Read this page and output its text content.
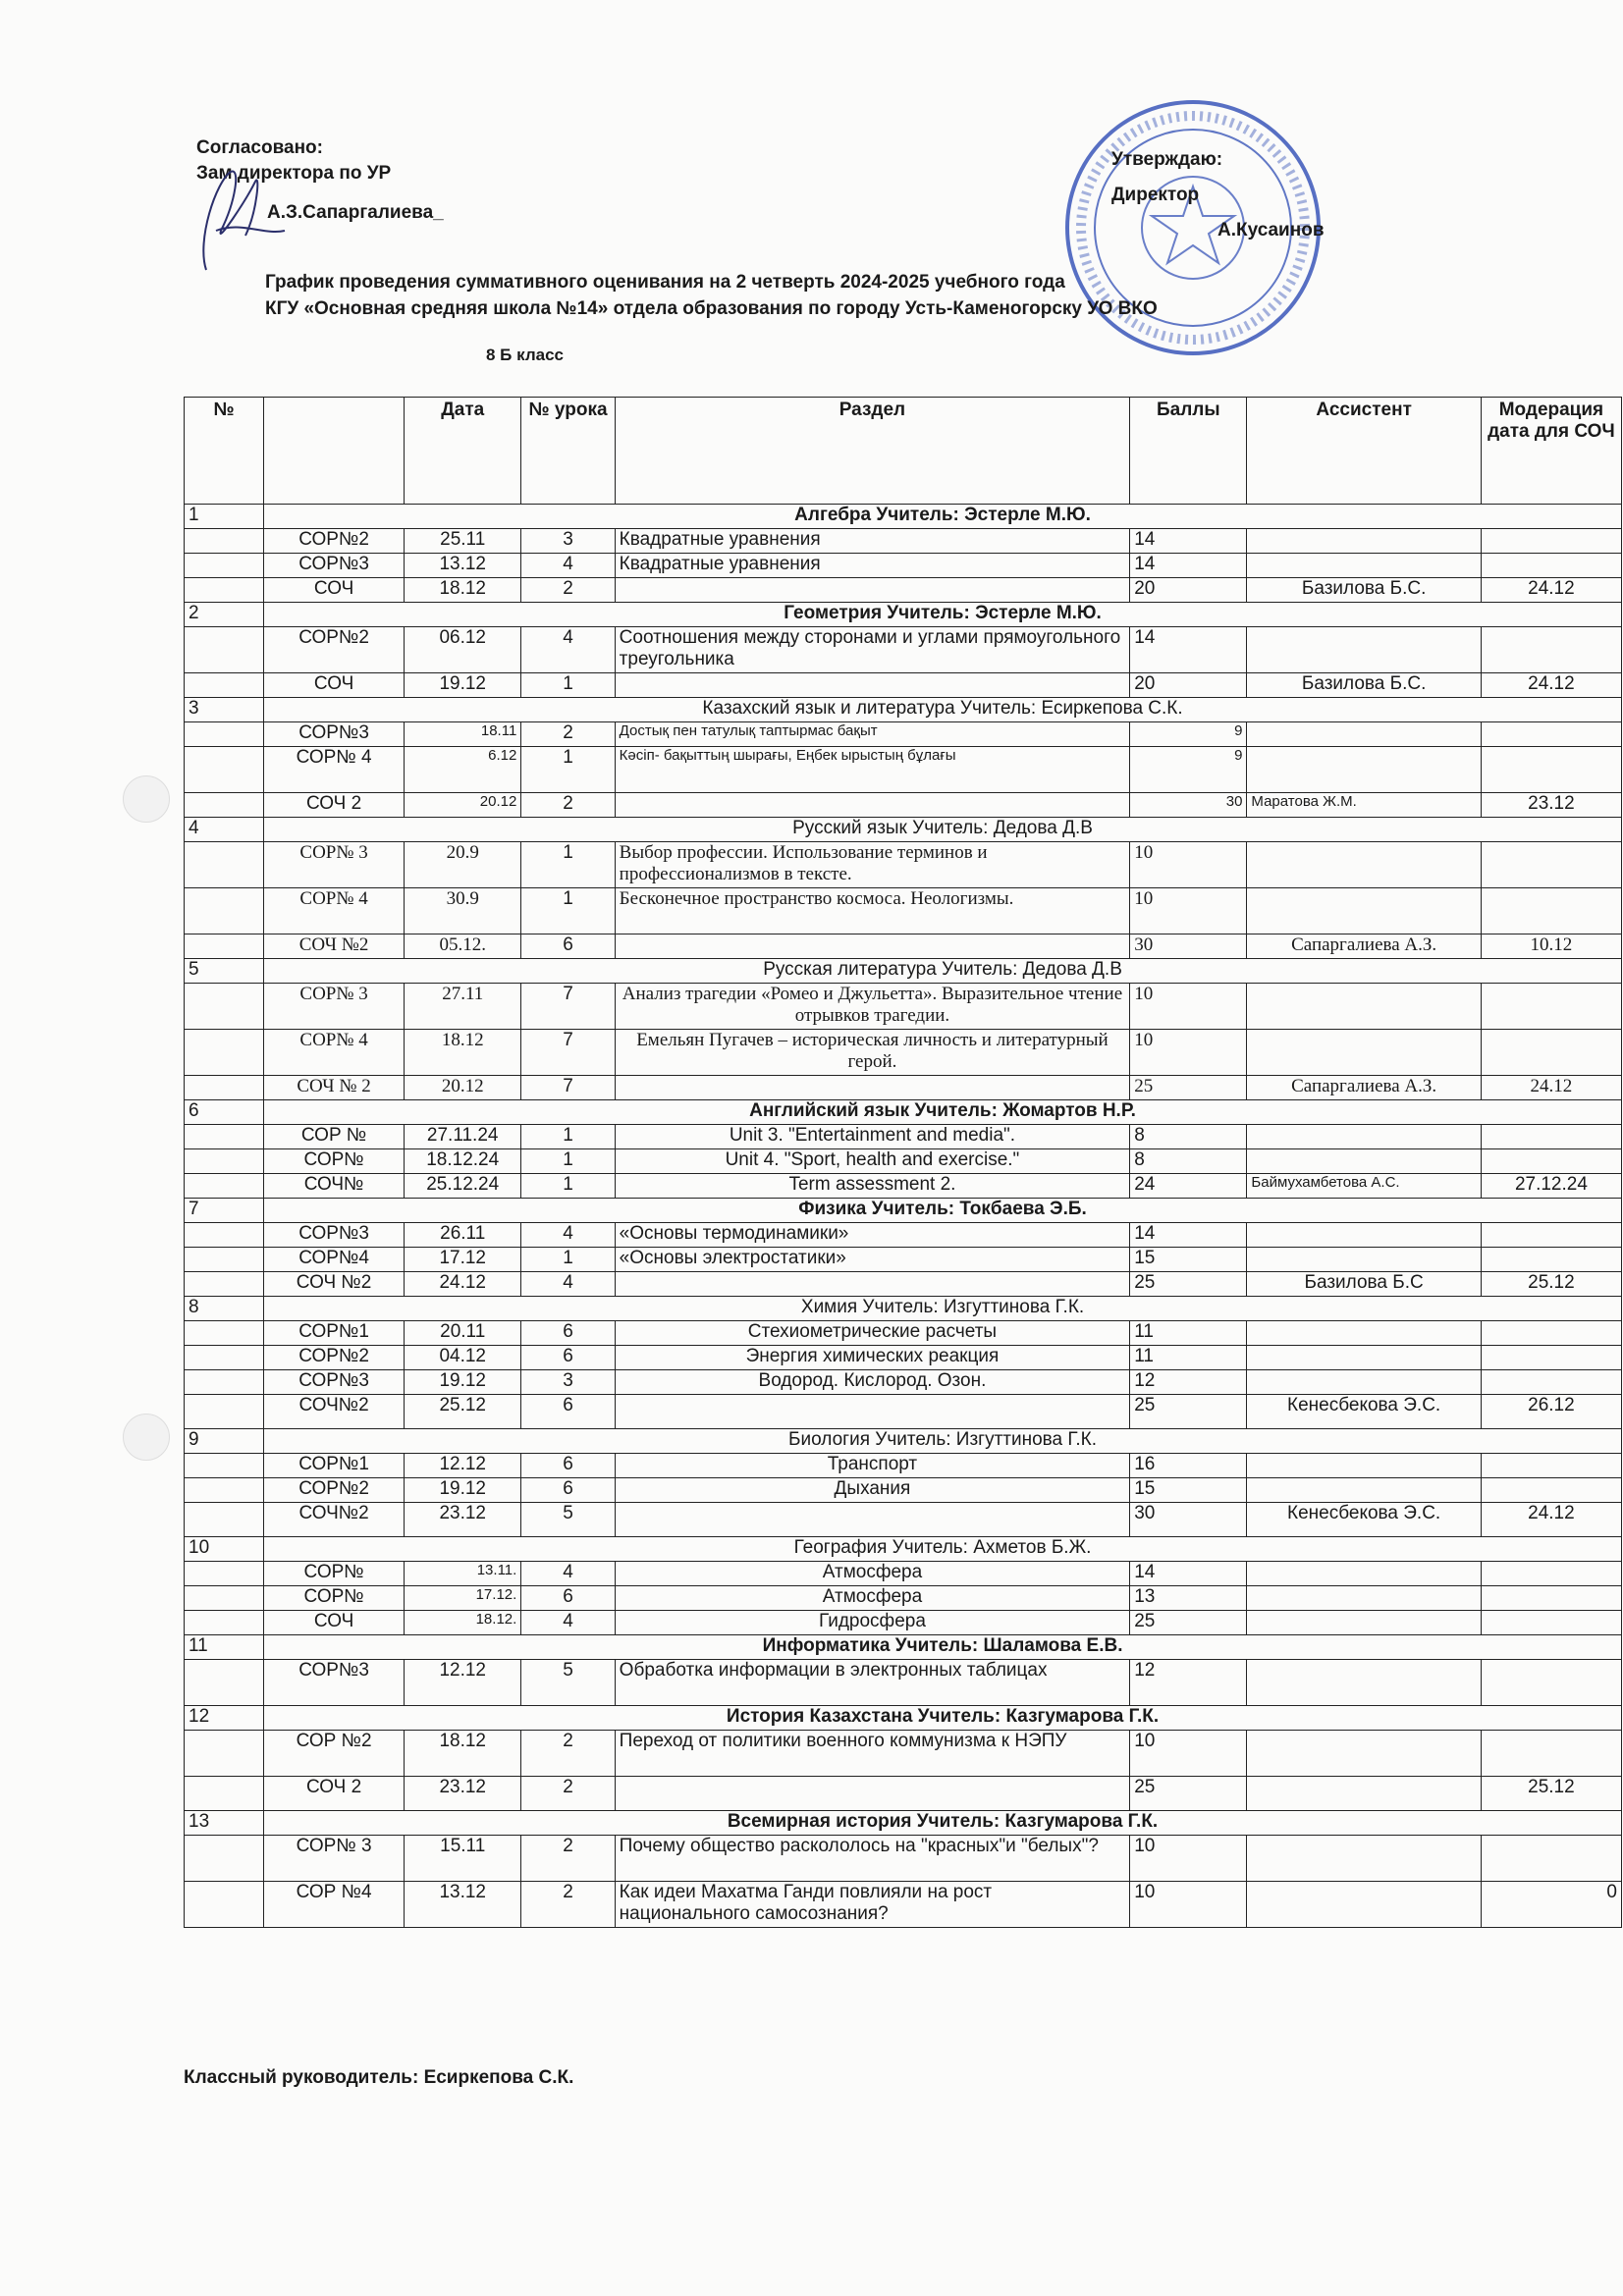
Согласовано:
Зам директора по УР
А.З.Сапаргалиева_
Утверждаю:
Директор
А.Кусаинов
График проведения суммативного оценивания на 2 четверть 2024-2025 учебного года
КГУ «Основная средняя школа №14» отдела образования по городу Усть-Каменогорску УО ВКО
8 Б класс
№		Дата	№ урока	Раздел	Баллы	Ассистент	Модерация дата для СОЧ
1	Алгебра Учитель: Эстерле М.Ю.						
	СОР№2	25.11	3	Квадратные уравнения	14		
	СОР№3	13.12	4	Квадратные уравнения	14		
	СОЧ	18.12	2		20	Базилова Б.С.	24.12
2	Геометрия Учитель: Эстерле М.Ю.						
	СОР№2	06.12	4	Соотношения между сторонами и углами прямоугольного треугольника	14		
	СОЧ	19.12	1		20	Базилова Б.С.	24.12
3	Казахский язык и литература Учитель: Есиркепова С.К.						
	СОР№3	18.11	2	Достық пен татулық таптырмас бақыт	9		
	СОР№ 4	6.12	1	Кәсіп- бақыттың шырағы, Еңбек ырыстың бұлағы	9		
	СОЧ 2	20.12	2		30	Маратова Ж.М.	23.12
4	Русский язык Учитель: Дедова Д.В						
	СОР№ 3	20.9	1	Выбор профессии. Использование терминов и профессионализмов в тексте.	10		
	СОР№ 4	30.9	1	Бесконечное пространство космоса. Неологизмы.	10		
	СОЧ №2	05.12.	6		30	Сапаргалиева А.З.	10.12
5	Русская литература Учитель: Дедова Д.В						
	СОР№ 3	27.11	7	Анализ трагедии «Ромео и Джульетта». Выразительное чтение отрывков трагедии.	10		
	СОР№ 4	18.12	7	Емельян Пугачев – историческая личность и литературный герой.	10		
	СОЧ № 2	20.12	7		25	Сапаргалиева А.З.	24.12
6	Английский язык Учитель: Жомартов Н.Р.						
	СОР №	27.11.24	1	Unit 3. "Entertainment and media".	8		
	СОР№	18.12.24	1	Unit 4. "Sport, health and exercise."	8		
	СОЧ№	25.12.24	1	Term assessment 2.	24	Баймухамбетова А.С.	27.12.24
7	Физика Учитель: Токбаева Э.Б.						
	СОР№3	26.11	4	«Основы термодинамики»	14		
	СОР№4	17.12	1	«Основы электростатики»	15		
	СОЧ №2	24.12	4		25	Базилова Б.С	25.12
8	Химия Учитель: Изгуттинова Г.К.						
	СОР№1	20.11	6	Стехиометрические расчеты	11		
	СОР№2	04.12	6	Энергия химических реакция	11		
	СОР№3	19.12	3	Водород. Кислород. Озон.	12		
	СОЧ№2	25.12	6		25	Кенесбекова Э.С.	26.12
9	Биология Учитель: Изгуттинова Г.К.						
	СОР№1	12.12	6	Транспорт	16		
	СОР№2	19.12	6	Дыхания	15		
	СОЧ№2	23.12	5		30	Кенесбекова Э.С.	24.12
10	География Учитель: Ахметов Б.Ж.						
	СОР№	13.11.	4	Атмосфера	14		
	СОР№	17.12.	6	Атмосфера	13		
	СОЧ	18.12.	4	Гидросфера	25		
11	Информатика Учитель: Шаламова Е.В.						
	СОР№3	12.12	5	Обработка информации в электронных таблицах	12		
12	История Казахстана Учитель: Казгумарова Г.К.						
	СОР №2	18.12	2	Переход от политики военного коммунизма к НЭПУ	10		
	СОЧ 2	23.12	2		25		25.12
13	Всемирная история Учитель: Казгумарова Г.К.						
	СОР№ 3	15.11	2	Почему общество раскололось на "красных"и "белых"?	10		
	СОР №4	13.12	2	Как идеи Махатма Ганди повлияли на рост национального самосознания?	10		0
Классный руководитель: Есиркепова С.К.
